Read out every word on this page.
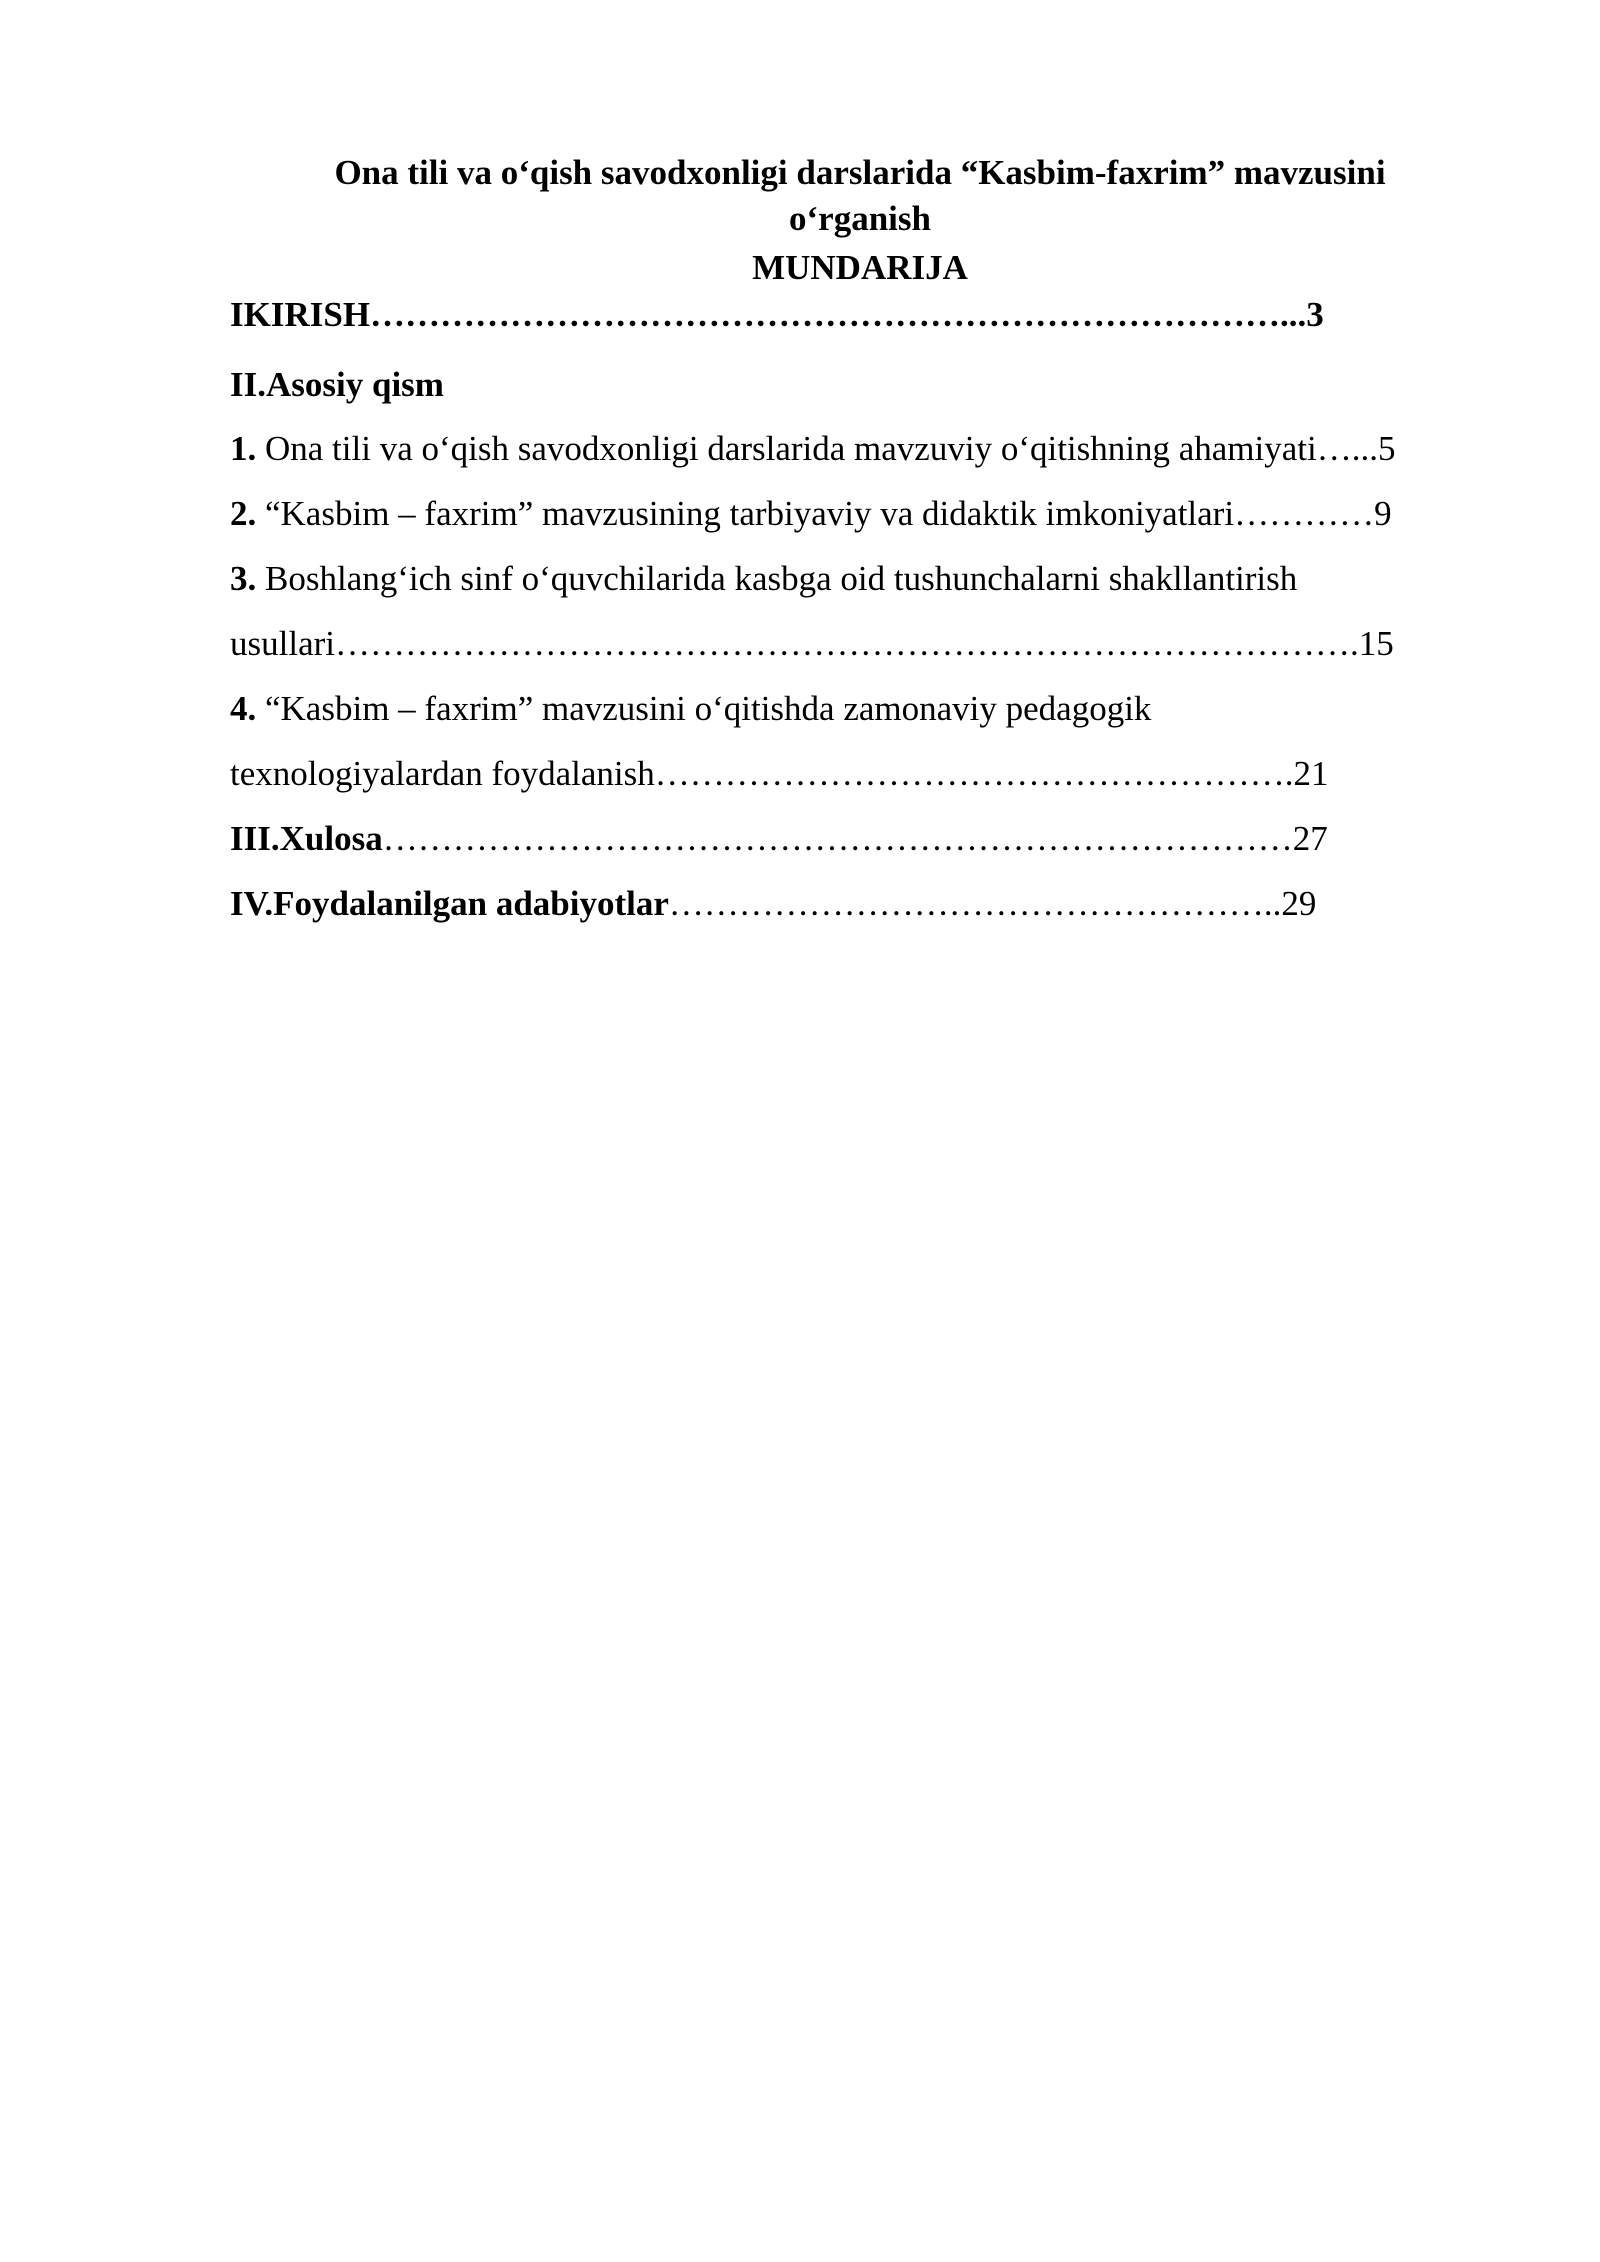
Ona tili va o‘qish savodxonligi darslarida “Kasbim-faxrim” mavzusini
o‘rganish
MUNDARIJA
IKIRISH……………………………………………………………………...3
II.Asosiy qism
1. Ona tili va o‘qish savodxonligi darslarida mavzuviy o‘qitishning ahamiyati…...5
2. “Kasbim – faxrim” mavzusining tarbiyaviy va didaktik imkoniyatlari…………9
3. Boshlang‘ich sinf o‘quvchilarida kasbga oid tushunchalarni shakllantirish
usullari…………………………………………………………………………….15
4. “Kasbim – faxrim” mavzusini o‘qitishda zamonaviy pedagogik
texnologiyalardan foydalanish……………………………………………….21
III.Xulosa……………………………………………………………………27
IV.Foydalanilgan adabiyotlar……………………………………………..29
